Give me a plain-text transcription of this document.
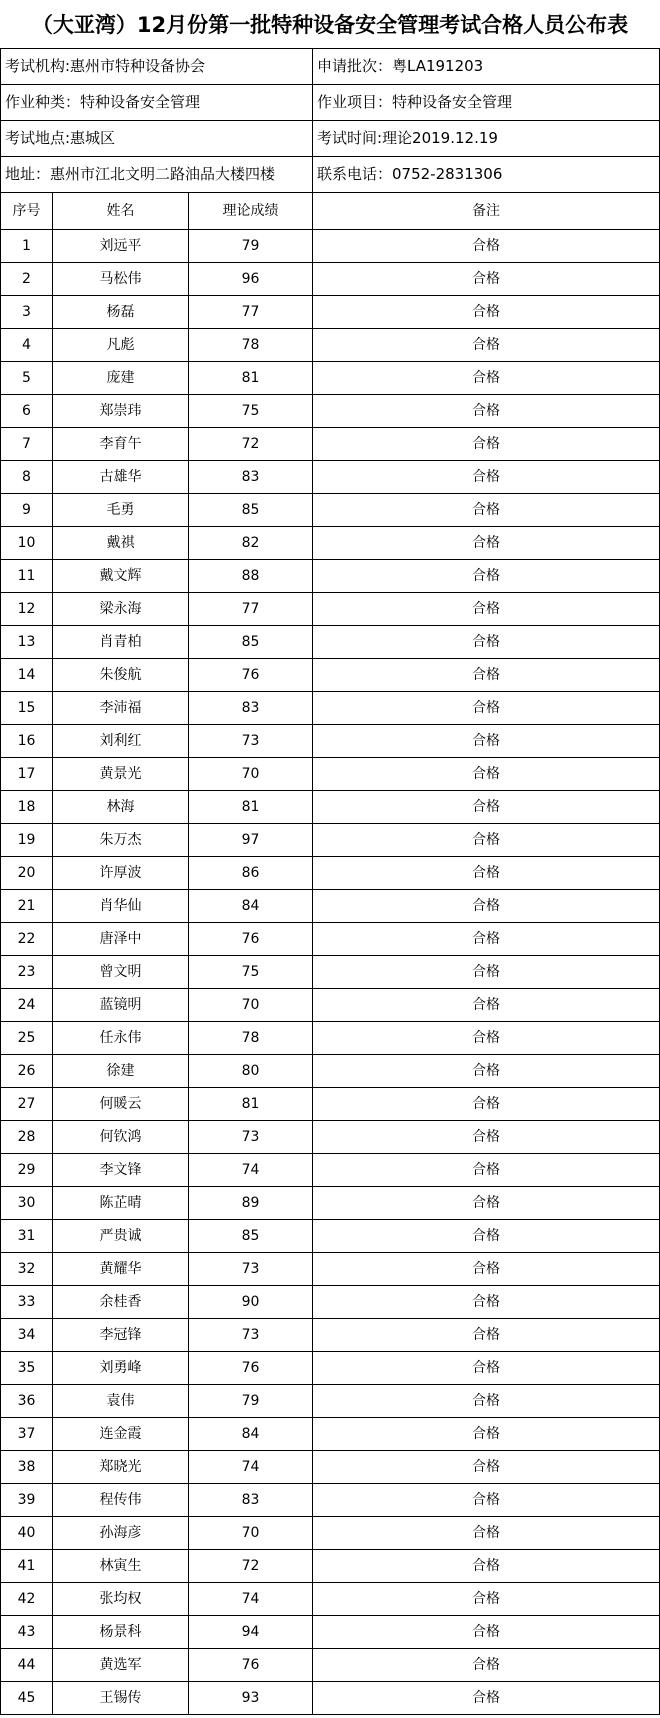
（大亚湾）12月份第一批特种设备安全管理考试合格人员公布表
考试机构:惠州市特种设备协会	申请批次：粤LA191203
作业种类：特种设备安全管理	作业项目：特种设备安全管理
考试地点:惠城区	考试时间:理论2019.12.19
地址：惠州市江北文明二路油品大楼四楼	联系电话：0752-2831306
序号	姓名	理论成绩	备注
1	刘远平	79	合格
2	马松伟	96	合格
3	杨磊	77	合格
4	凡彪	78	合格
5	庞建	81	合格
6	郑崇玮	75	合格
7	李育午	72	合格
8	古雄华	83	合格
9	毛勇	85	合格
10	戴祺	82	合格
11	戴文辉	88	合格
12	梁永海	77	合格
13	肖青柏	85	合格
14	朱俊航	76	合格
15	李沛福	83	合格
16	刘利红	73	合格
17	黄景光	70	合格
18	林海	81	合格
19	朱万杰	97	合格
20	许厚波	86	合格
21	肖华仙	84	合格
22	唐泽中	76	合格
23	曾文明	75	合格
24	蓝镜明	70	合格
25	任永伟	78	合格
26	徐建	80	合格
27	何暖云	81	合格
28	何钦鸿	73	合格
29	李文锋	74	合格
30	陈芷晴	89	合格
31	严贵诚	85	合格
32	黄耀华	73	合格
33	余桂香	90	合格
34	李冠锋	73	合格
35	刘勇峰	76	合格
36	袁伟	79	合格
37	连金霞	84	合格
38	郑晓光	74	合格
39	程传伟	83	合格
40	孙海彦	70	合格
41	林寅生	72	合格
42	张均权	74	合格
43	杨景科	94	合格
44	黄选军	76	合格
45	王锡传	93	合格
